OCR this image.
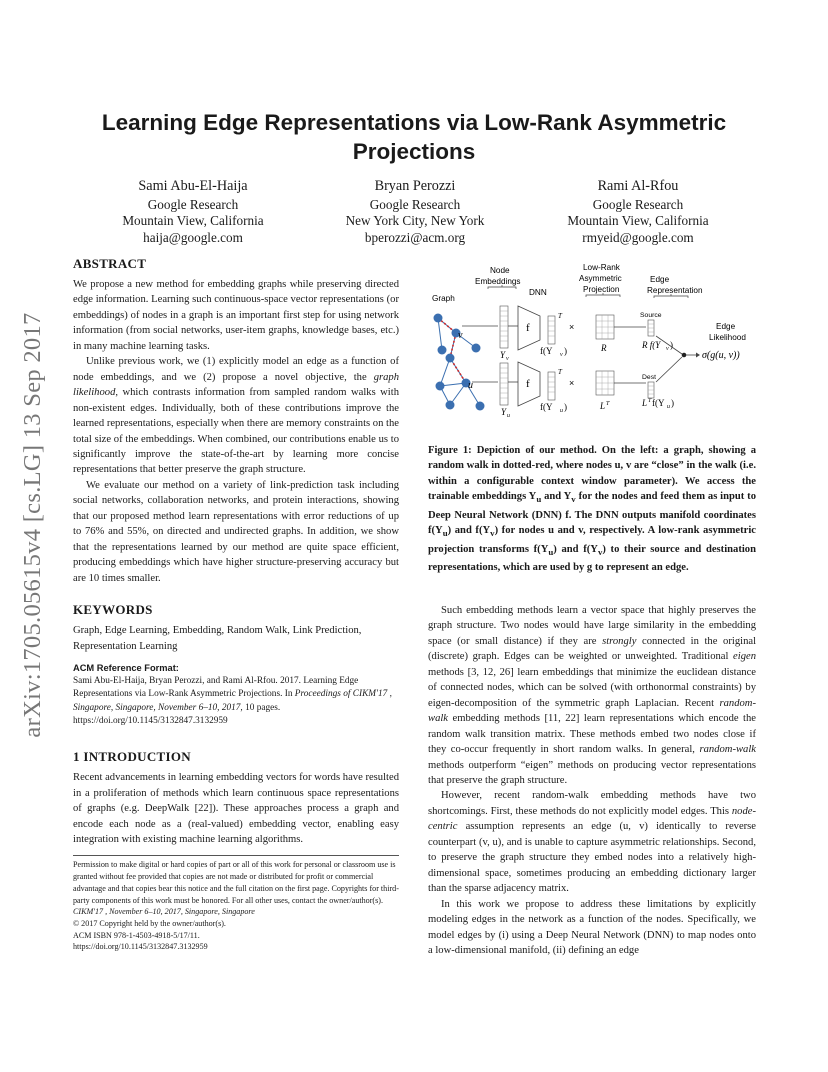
Learning Edge Representations via Low-Rank Asymmetric Projections
Sami Abu-El-Haija
Google Research
Mountain View, California
haija@google.com
Bryan Perozzi
Google Research
New York City, New York
bperozzi@acm.org
Rami Al-Rfou
Google Research
Mountain View, California
rmyeid@google.com
arXiv:1705.05615v4 [cs.LG] 13 Sep 2017
ABSTRACT

We propose a new method for embedding graphs while preserving directed edge information. Learning such continuous-space vector representations (or embeddings) of nodes in a graph is an important first step for using network information (from social networks, user-item graphs, knowledge bases, etc.) in many machine learning tasks.

Unlike previous work, we (1) explicitly model an edge as a function of node embeddings, and we (2) propose a novel objective, the graph likelihood, which contrasts information from sampled random walks with non-existent edges. Individually, both of these contributions improve the learned representations, especially when there are memory constraints on the total size of the embeddings. When combined, our contributions enable us to significantly improve the state-of-the-art by learning more concise representations that better preserve the graph structure.

We evaluate our method on a variety of link-prediction task including social networks, collaboration networks, and protein interactions, showing that our proposed method learn representations with error reductions of up to 76% and 55%, on directed and undirected graphs. In addition, we show that the representations learned by our method are quite space efficient, producing embeddings which have higher structure-preserving accuracy but are 10 times smaller.

KEYWORDS

Graph, Edge Learning, Embedding, Random Walk, Link Prediction, Representation Learning

ACM Reference Format:

Sami Abu-El-Haija, Bryan Perozzi, and Rami Al-Rfou. 2017. Learning Edge Representations via Low-Rank Asymmetric Projections. In Proceedings of CIKM'17 , Singapore, Singapore, November 6–10, 2017, 10 pages. https://doi.org/10.1145/3132847.3132959

1 INTRODUCTION

Recent advancements in learning embedding vectors for words have resulted in a proliferation of methods which learn continuous space representations of graphs (e.g. DeepWalk [22]). These approaches process a graph and encode each node as a (real-valued) embedding vector, enabling easy integration with existing machine learning algorithms.

Permission to make digital or hard copies of part or all of this work for personal or classroom use is granted without fee provided that copies are not made or distributed for profit or commercial advantage and that copies bear this notice and the full citation on the first page. Copyrights for third-party components of this work must be honored. For all other uses, contact the owner/author(s).
CIKM'17 , November 6–10, 2017, Singapore, Singapore
© 2017 Copyright held by the owner/author(s).
ACM ISBN 978-1-4503-4918-5/17/11.
https://doi.org/10.1145/3132847.3132959
Graph
Node
Embeddings
DNN
Low-Rank
Asymmetric
Projection
Edge
Representation
Edge
Likelihood
v
u
Y v
Y u
f
f
T
T
f(Y v )
f(Y u )
×
×
R
L T
Source
Dest
R f(Y v )
L T f(Y u )
σ(g(u, v))

Figure 1: Depiction of our method. On the left: a graph, showing a random walk in dotted-red, where nodes u, v are “close” in the walk (i.e. within a configurable context window parameter). We access the trainable embeddings $Y_u$ and $Y_v$ for the nodes and feed them as input to Deep Neural Network (DNN) f. The DNN outputs manifold coordinates $f(Y_u)$ and $f(Y_v)$ for nodes u and v, respectively. A low-rank asymmetric projection transforms $f(Y_u)$ and $f(Y_v)$ to their source and destination representations, which are used by g to represent an edge.

Such embedding methods learn a vector space that highly preserves the graph structure. Two nodes would have large similarity in the embedding space (or small distance) if they are strongly connected in the original (discrete) graph. Edges can be weighted or unweighted. Traditional eigen methods [3, 12, 26] learn embeddings that minimize the euclidean distance of connected nodes, which can be solved (with orthonormal constraints) by eigen-decomposition of the symmetric graph Laplacian. Recent random-walk embedding methods [11, 22] learn representations which encode the random walk transition matrix. These methods embed two nodes close if they co-occur frequently in short random walks. In general, random-walk methods outperform “eigen” methods on producing vector representations that preserve the graph structure.

However, recent random-walk embedding methods have two shortcomings. First, these methods do not explicitly model edges. This node-centric assumption represents an edge (u, v) identically to reverse counterpart (v, u), and is unable to capture asymmetric relationships. Second, to preserve the graph structure they embed nodes into a relatively high-dimensional space, sometimes producing an embedding dictionary larger than the sparse adjacency matrix.

In this work we propose to address these limitations by explicitly modeling edges in the network as a function of the nodes. Specifically, we model edges by (i) using a Deep Neural Network (DNN) to map nodes onto a low-dimensional manifold, (ii) defining an edge
